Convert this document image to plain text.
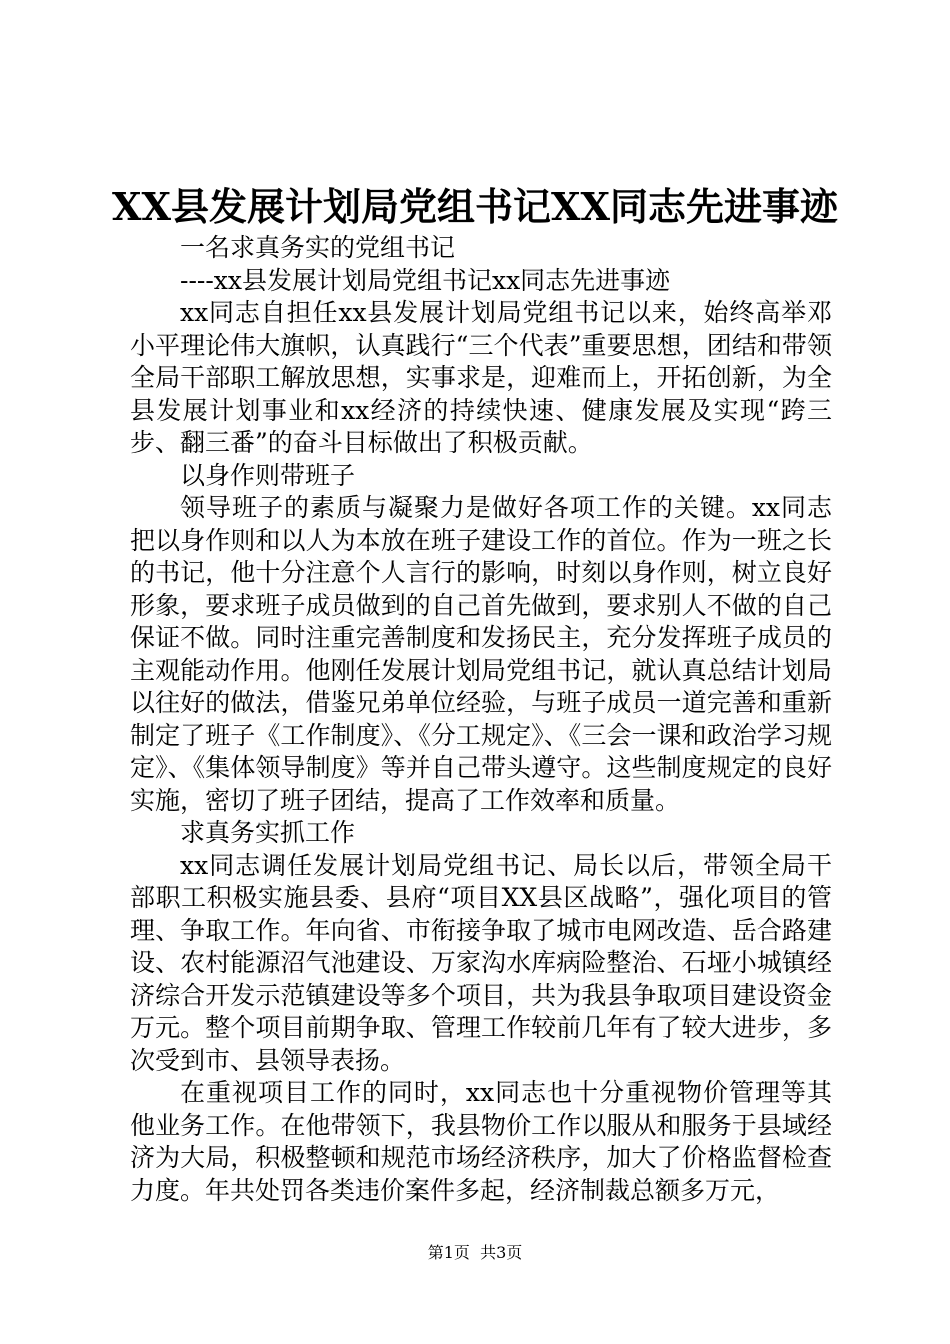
XX县发展计划局党组书记XX同志先进事迹

一名求真务实的党组书记

----xx县发展计划局党组书记xx同志先进事迹

xx同志自担任xx县发展计划局党组书记以来，始终高举邓小平理论伟大旗帜，认真践行“三个代表”重要思想，团结和带领全局干部职工解放思想，实事求是，迎难而上，开拓创新，为全县发展计划事业和xx经济的持续快速、健康发展及实现“跨三步、翻三番”的奋斗目标做出了积极贡献。

以身作则带班子

领导班子的素质与凝聚力是做好各项工作的关键。xx同志把以身作则和以人为本放在班子建设工作的首位。作为一班之长的书记，他十分注意个人言行的影响，时刻以身作则，树立良好形象，要求班子成员做到的自己首先做到，要求别人不做的自己保证不做。同时注重完善制度和发扬民主，充分发挥班子成员的主观能动作用。他刚任发展计划局党组书记，就认真总结计划局以往好的做法，借鉴兄弟单位经验，与班子成员一道完善和重新制定了班子《工作制度》、《分工规定》、《三会一课和政治学习规定》、《集体领导制度》等并自己带头遵守。这些制度规定的良好实施，密切了班子团结，提高了工作效率和质量。

求真务实抓工作

xx同志调任发展计划局党组书记、局长以后，带领全局干部职工积极实施县委、县府“项目XX县区战略”，强化项目的管理、争取工作。年向省、市衔接争取了城市电网改造、岳合路建设、农村能源沼气池建设、万家沟水库病险整治、石垭小城镇经济综合开发示范镇建设等多个项目，共为我县争取项目建设资金万元。整个项目前期争取、管理工作较前几年有了较大进步，多次受到市、县领导表扬。

在重视项目工作的同时，xx同志也十分重视物价管理等其他业务工作。在他带领下，我县物价工作以服从和服务于县域经济为大局，积极整顿和规范市场经济秩序，加大了价格监督检查力度。年共处罚各类违价案件多起，经济制裁总额多万元，

第1页  共3页
